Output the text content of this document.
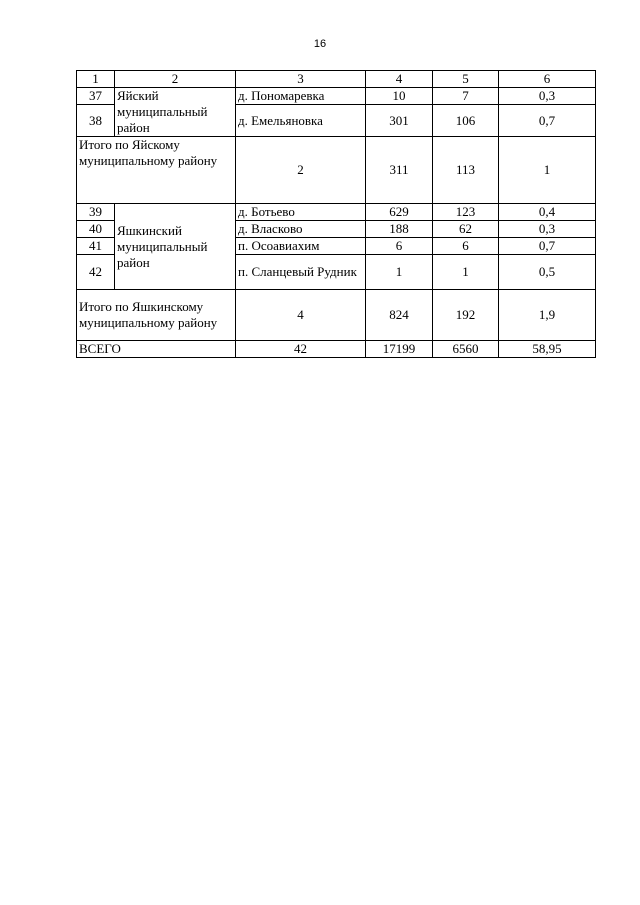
16
1	2	3	4	5	6
37	Яйский муниципальный район	д. Пономаревка	10	7	0,3
38		д. Емельяновка	301	106	0,7
Итого по Яйскому муниципальному району		2	311	113	1
39	Яшкинский муниципальный район	д. Ботьево	629	123	0,4
40		д. Власково	188	62	0,3
41		п. Осоавиахим	6	6	0,7
42		п. Сланцевый Рудник	1	1	0,5
Итого по Яшкинскому муниципальному району		4	824	192	1,9
ВСЕГО		42	17199	6560	58,95
